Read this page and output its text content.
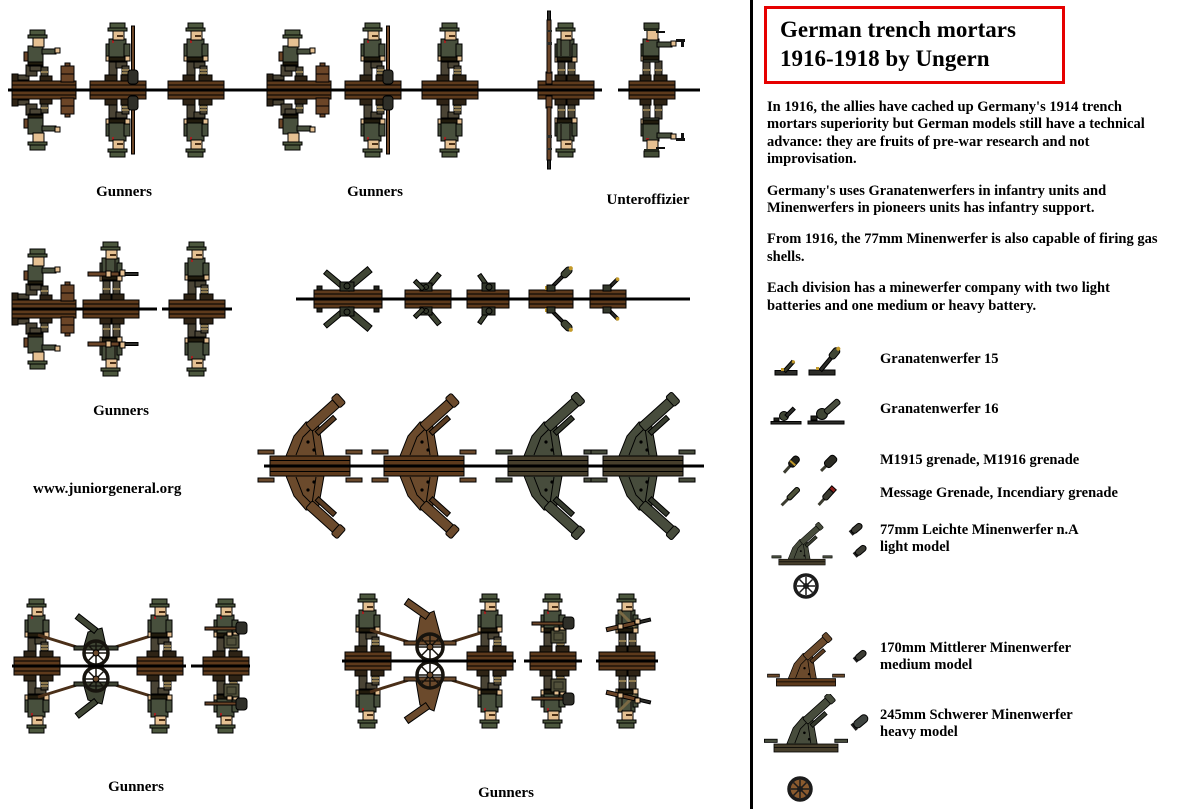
Gunners	Gunners	Unteroffizier
Gunners
Gunners	Gunners
www.juniorgeneral.org
German trench mortars
1916-1918 by Ungern

In 1916, the allies have cached up Germany's 1914 trench mortars superiority but German models still have a technical advance: they are fruits of pre-war research and not improvisation.

Germany's uses Granatenwerfers in infantry units and Minenwerfers in pioneers units has infantry support.

From 1916, the 77mm Minenwerfer is also capable of firing gas shells.

Each division has a minewerfer company with two light batteries and one medium or heavy battery.

Granatenwerfer 15
Granatenwerfer 16
M1915 grenade, M1916 grenade
Message Grenade, Incendiary grenade
77mm Leichte Minenwerfer n.A
light model
170mm Mittlerer Minenwerfer
medium model
245mm Schwerer Minenwerfer
heavy model
